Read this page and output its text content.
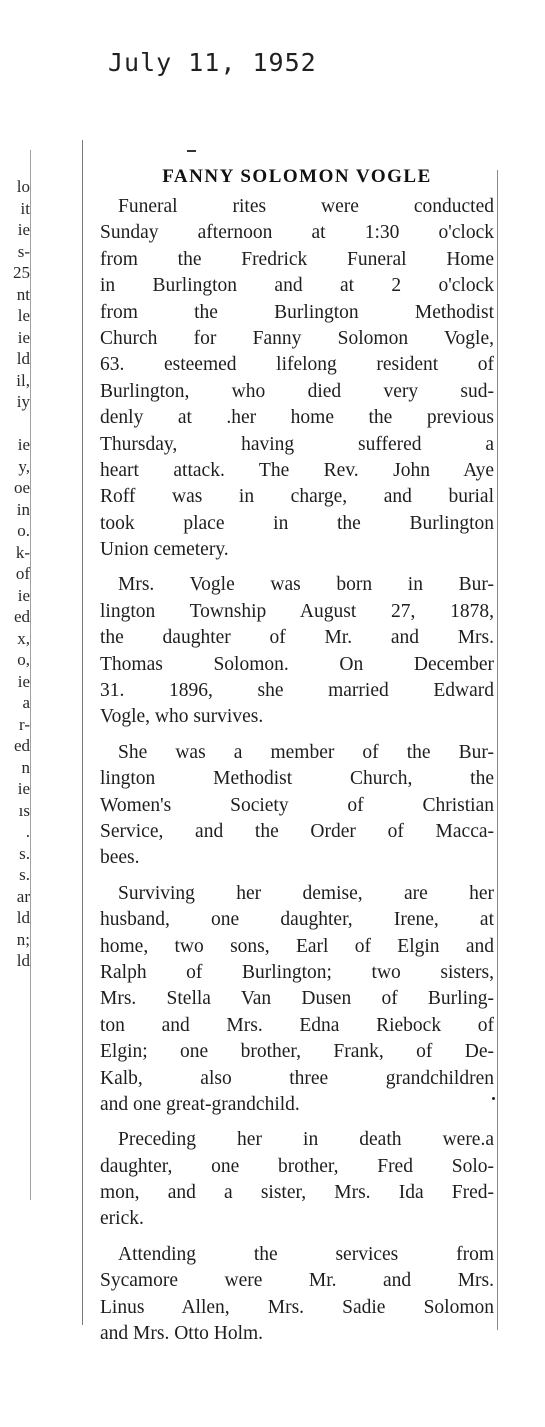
July 11, 1952
lo
it
ie
s-
25
nt
le
ie
ld
il,
iy
ie
y,
oe
in
o.
k-
of
ie
ed
x,
o,
ie
a
r-
ed
n
ie
ıs
.
s.
s.
ar
ld
n;
ld
FANNY SOLOMON VOGLE
Funeral rites were conducted
Sunday afternoon at 1:30 o'clock
from the Fredrick Funeral Home
in Burlington and at 2 o'clock
from the Burlington Methodist
Church for Fanny Solomon Vogle,
63. esteemed lifelong resident of
Burlington, who died very sud-
denly at .her home the previous
Thursday, having suffered a
heart attack. The Rev. John Aye
Roff was in charge, and burial
took place in the Burlington
Union cemetery.
Mrs. Vogle was born in Bur-
lington Township August 27, 1878,
the daughter of Mr. and Mrs.
Thomas Solomon. On December
31. 1896, she married Edward
Vogle, who survives.
She was a member of the Bur-
lington Methodist Church, the
Women's Society of Christian
Service, and the Order of Macca-
bees.
Surviving her demise, are her
husband, one daughter, Irene, at
home, two sons, Earl of Elgin and
Ralph of Burlington; two sisters,
Mrs. Stella Van Dusen of Burling-
ton and Mrs. Edna Riebock of
Elgin; one brother, Frank, of De-
Kalb, also three grandchildren
and one great-grandchild.
Preceding her in death were.a
daughter, one brother, Fred Solo-
mon, and a sister, Mrs. Ida Fred-
erick.
Attending the services from
Sycamore were Mr. and Mrs.
Linus Allen, Mrs. Sadie Solomon
and Mrs. Otto Holm.
